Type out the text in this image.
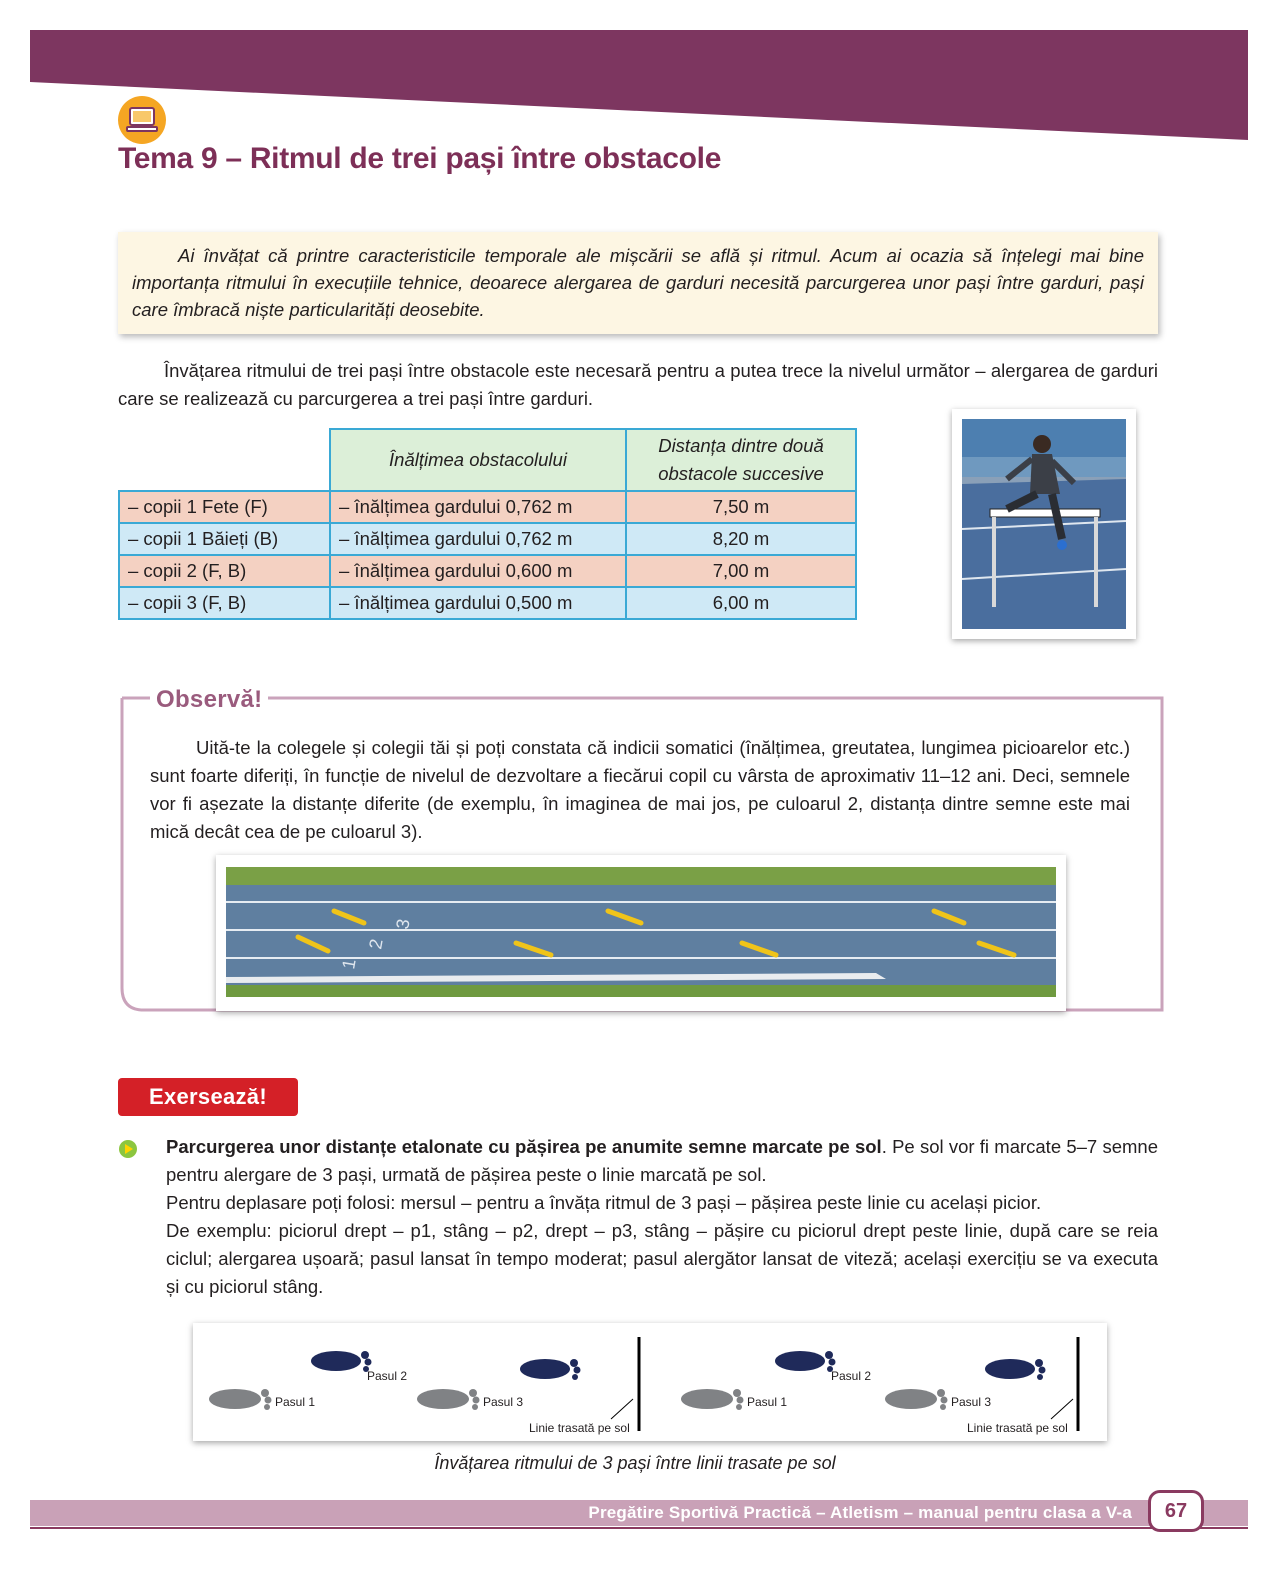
Tema 9 – Ritmul de trei pași între obstacole
Ai învățat că printre caracteristicile temporale ale mișcării se află și ritmul. Acum ai ocazia să înțelegi mai bine importanța ritmului în execuțiile tehnice, deoarece alergarea de garduri necesită parcurgerea unor pași între garduri, pași care îmbracă niște particularități deosebite.
Învățarea ritmului de trei pași între obstacole este necesară pentru a putea trece la nivelul următor – alergarea de garduri care se realizează cu parcurgerea a trei pași între garduri.
	Înălțimea obstacolului	Distanța dintre două obstacole succesive
– copii 1 Fete (F)	– înălțimea gardului 0,762 m	7,50 m
– copii 1 Băieți (B)	– înălțimea gardului 0,762 m	8,20 m
– copii 2 (F, B)	– înălțimea gardului 0,600 m	7,00 m
– copii 3 (F, B)	– înălțimea gardului 0,500 m	6,00 m
Observă!
Uită-te la colegele și colegii tăi și poți constata că indicii somatici (înălțimea, greutatea, lungimea picioarelor etc.) sunt foarte diferiți, în funcție de nivelul de dezvoltare a fiecărui copil cu vârsta de aproximativ 11–12 ani. Deci, semnele vor fi așezate la distanțe diferite (de exemplu, în imaginea de mai jos, pe culoarul 2, distanța dintre semne este mai mică decât cea de pe culoarul 3).
1
2
3
Exersează!
Parcurgerea unor distanțe etalonate cu pășirea pe anumite semne marcate pe sol. Pe sol vor fi marcate 5–7 semne pentru alergare de 3 pași, urmată de pășirea peste o linie marcată pe sol.
Pentru deplasare poți folosi: mersul – pentru a învăța ritmul de 3 pași – pășirea peste linie cu același picior.
De exemplu: piciorul drept – p1, stâng – p2, drept – p3, stâng – pășire cu piciorul drept peste linie, după care se reia ciclul; alergarea ușoară; pasul lansat în tempo moderat; pasul alergător lansat de viteză; același exercițiu se va executa și cu piciorul stâng.
Pasul 1
Pasul 2
Pasul 3
Linie trasată pe sol
Pasul 1
Pasul 2
Pasul 3
Linie trasată pe sol
Învățarea ritmului de 3 pași între linii trasate pe sol
Pregătire Sportivă Practică – Atletism – manual pentru clasa a V-a	67
